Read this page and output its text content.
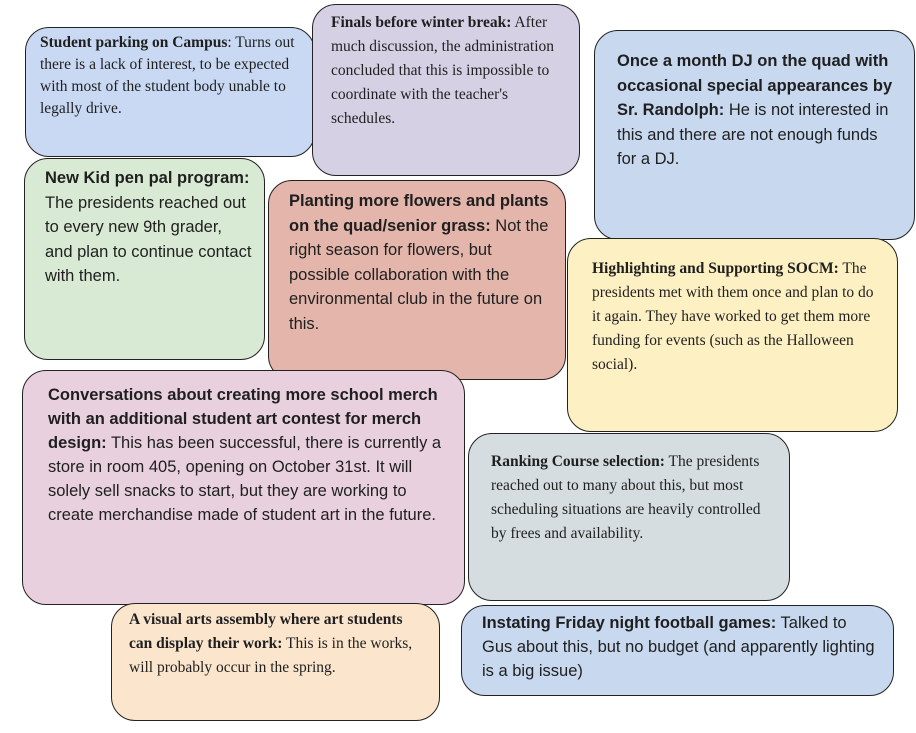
Student parking on Campus: Turns out there is a lack of interest, to be expected with most of the student body unable to legally drive.

Finals before winter break: After much discussion, the administration concluded that this is impossible to coordinate with the teacher's schedules.

Once a month DJ on the quad with occasional special appearances by Sr. Randolph: He is not interested in this and there are not enough funds for a DJ.

New Kid pen pal program: The presidents reached out to every new 9th grader, and plan to continue contact with them.

Planting more flowers and plants on the quad/senior grass: Not the right season for flowers, but possible collaboration with the environmental club in the future on this.

Highlighting and Supporting SOCM: The presidents met with them once and plan to do it again. They have worked to get them more funding for events (such as the Halloween social).

Conversations about creating more school merch with an additional student art contest for merch design: This has been successful, there is currently a store in room 405, opening on October 31st. It will solely sell snacks to start, but they are working to create merchandise made of student art in the future.

Ranking Course selection: The presidents reached out to many about this, but most scheduling situations are heavily controlled by frees and availability.

A visual arts assembly where art students can display their work: This is in the works, will probably occur in the spring.

Instating Friday night football games: Talked to Gus about this, but no budget (and apparently lighting is a big issue)
